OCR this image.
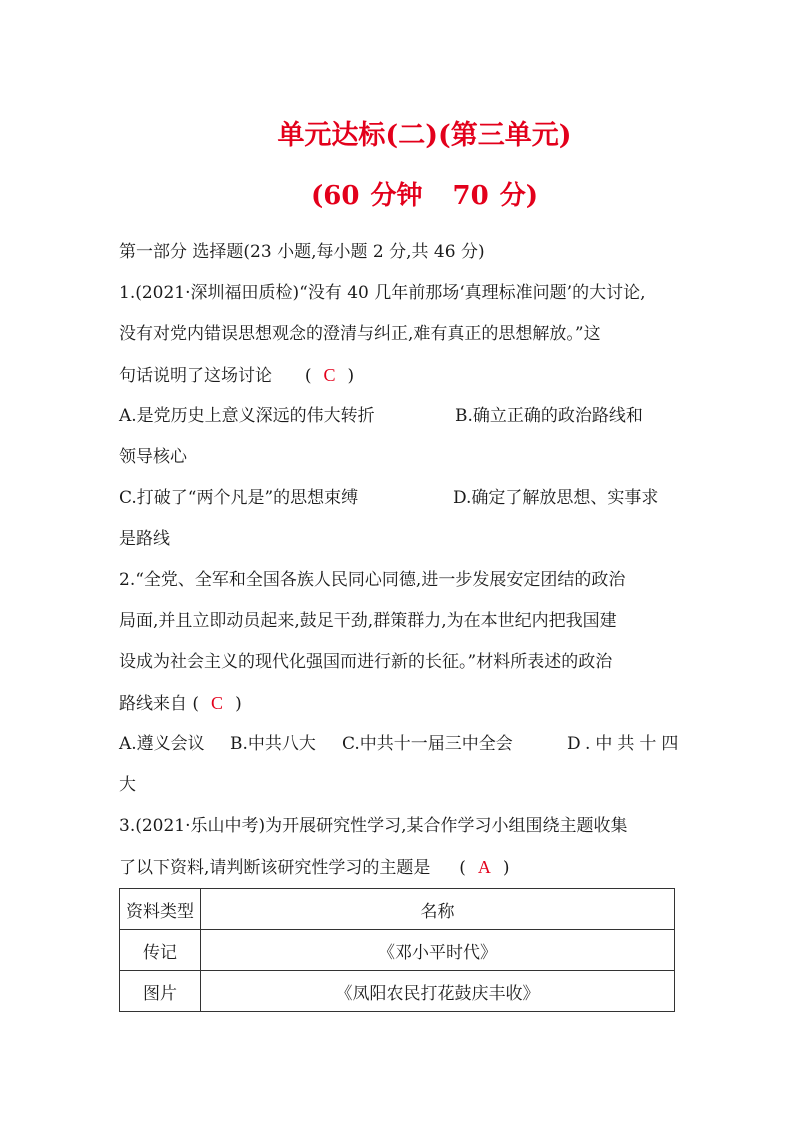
单元达标(二)(第三单元)
(60 分钟 70 分)
第一部分 选择题(23 小题,每小题 2 分,共 46 分)
1.(2021·深圳福田质检)“没有 40 几年前那场‘真理标准问题’的大讨论,
没有对党内错误思想观念的澄清与纠正,难有真正的思想解放。”这
句话说明了这场讨论 ( C )
A.是党历史上意义深远的伟大转折	B.确立正确的政治路线和
领导核心
C.打破了“两个凡是”的思想束缚	D.确定了解放思想、实事求
是路线
2.“全党、全军和全国各族人民同心同德,进一步发展安定团结的政治
局面,并且立即动员起来,鼓足干劲,群策群力,为在本世纪内把我国建
设成为社会主义的现代化强国而进行新的长征。”材料所表述的政治
路线来自 ( C )
A.遵义会议 B.中共八大 C.中共十一届三中全会	D.中共十四
大
3.(2021·乐山中考)为开展研究性学习,某合作学习小组围绕主题收集
了以下资料,请判断该研究性学习的主题是 ( A )
资料类型	名称
传记	《邓小平时代》
图片	《凤阳农民打花鼓庆丰收》
